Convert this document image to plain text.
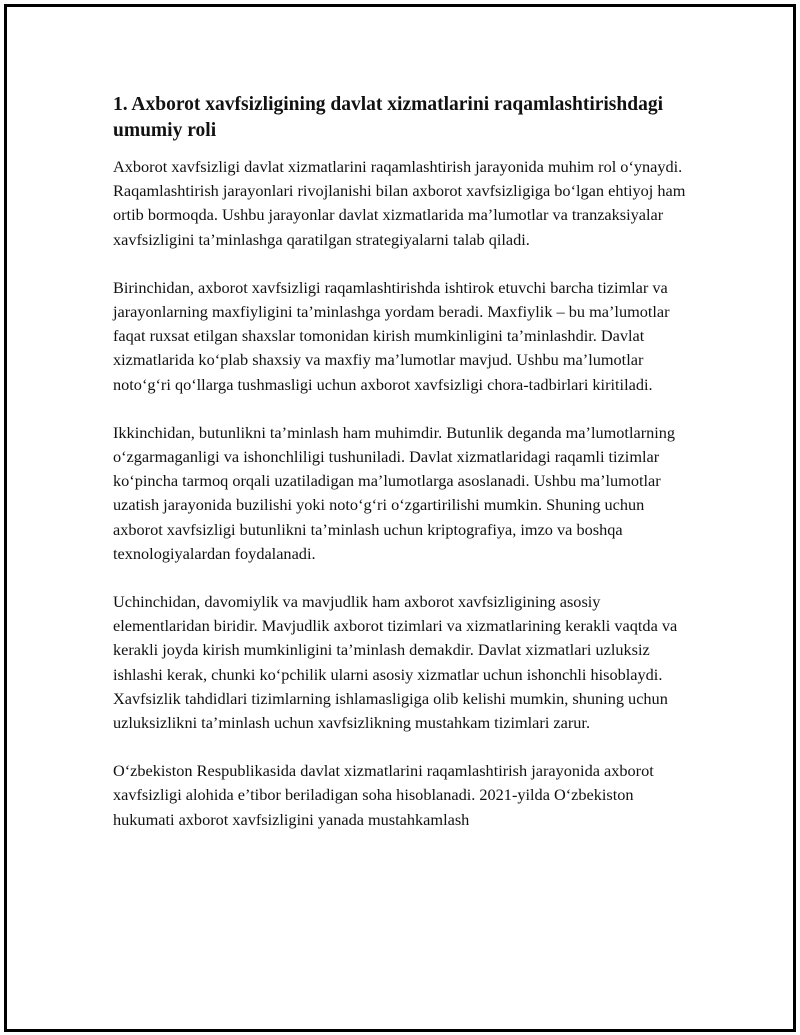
1. Axborot xavfsizligining davlat xizmatlarini raqamlashtirishdagi umumiy roli

Axborot xavfsizligi davlat xizmatlarini raqamlashtirish jarayonida muhim rol o‘ynaydi. Raqamlashtirish jarayonlari rivojlanishi bilan axborot xavfsizligiga bo‘lgan ehtiyoj ham ortib bormoqda. Ushbu jarayonlar davlat xizmatlarida ma’lumotlar va tranzaksiyalar xavfsizligini ta’minlashga qaratilgan strategiyalarni talab qiladi.

Birinchidan, axborot xavfsizligi raqamlashtirishda ishtirok etuvchi barcha tizimlar va jarayonlarning maxfiyligini ta’minlashga yordam beradi. Maxfiylik – bu ma’lumotlar faqat ruxsat etilgan shaxslar tomonidan kirish mumkinligini ta’minlashdir. Davlat xizmatlarida ko‘plab shaxsiy va maxfiy ma’lumotlar mavjud. Ushbu ma’lumotlar noto‘g‘ri qo‘llarga tushmasligi uchun axborot xavfsizligi chora-tadbirlari kiritiladi.

Ikkinchidan, butunlikni ta’minlash ham muhimdir. Butunlik deganda ma’lumotlarning o‘zgarmaganligi va ishonchliligi tushuniladi. Davlat xizmatlaridagi raqamli tizimlar ko‘pincha tarmoq orqali uzatiladigan ma’lumotlarga asoslanadi. Ushbu ma’lumotlar uzatish jarayonida buzilishi yoki noto‘g‘ri o‘zgartirilishi mumkin. Shuning uchun axborot xavfsizligi butunlikni ta’minlash uchun kriptografiya, imzo va boshqa texnologiyalardan foydalanadi.

Uchinchidan, davomiylik va mavjudlik ham axborot xavfsizligining asosiy elementlaridan biridir. Mavjudlik axborot tizimlari va xizmatlarining kerakli vaqtda va kerakli joyda kirish mumkinligini ta’minlash demakdir. Davlat xizmatlari uzluksiz ishlashi kerak, chunki ko‘pchilik ularni asosiy xizmatlar uchun ishonchli hisoblaydi. Xavfsizlik tahdidlari tizimlarning ishlamasligiga olib kelishi mumkin, shuning uchun uzluksizlikni ta’minlash uchun xavfsizlikning mustahkam tizimlari zarur.

O‘zbekiston Respublikasida davlat xizmatlarini raqamlashtirish jarayonida axborot xavfsizligi alohida e’tibor beriladigan soha hisoblanadi. 2021-yilda O‘zbekiston hukumati axborot xavfsizligini yanada mustahkamlash
